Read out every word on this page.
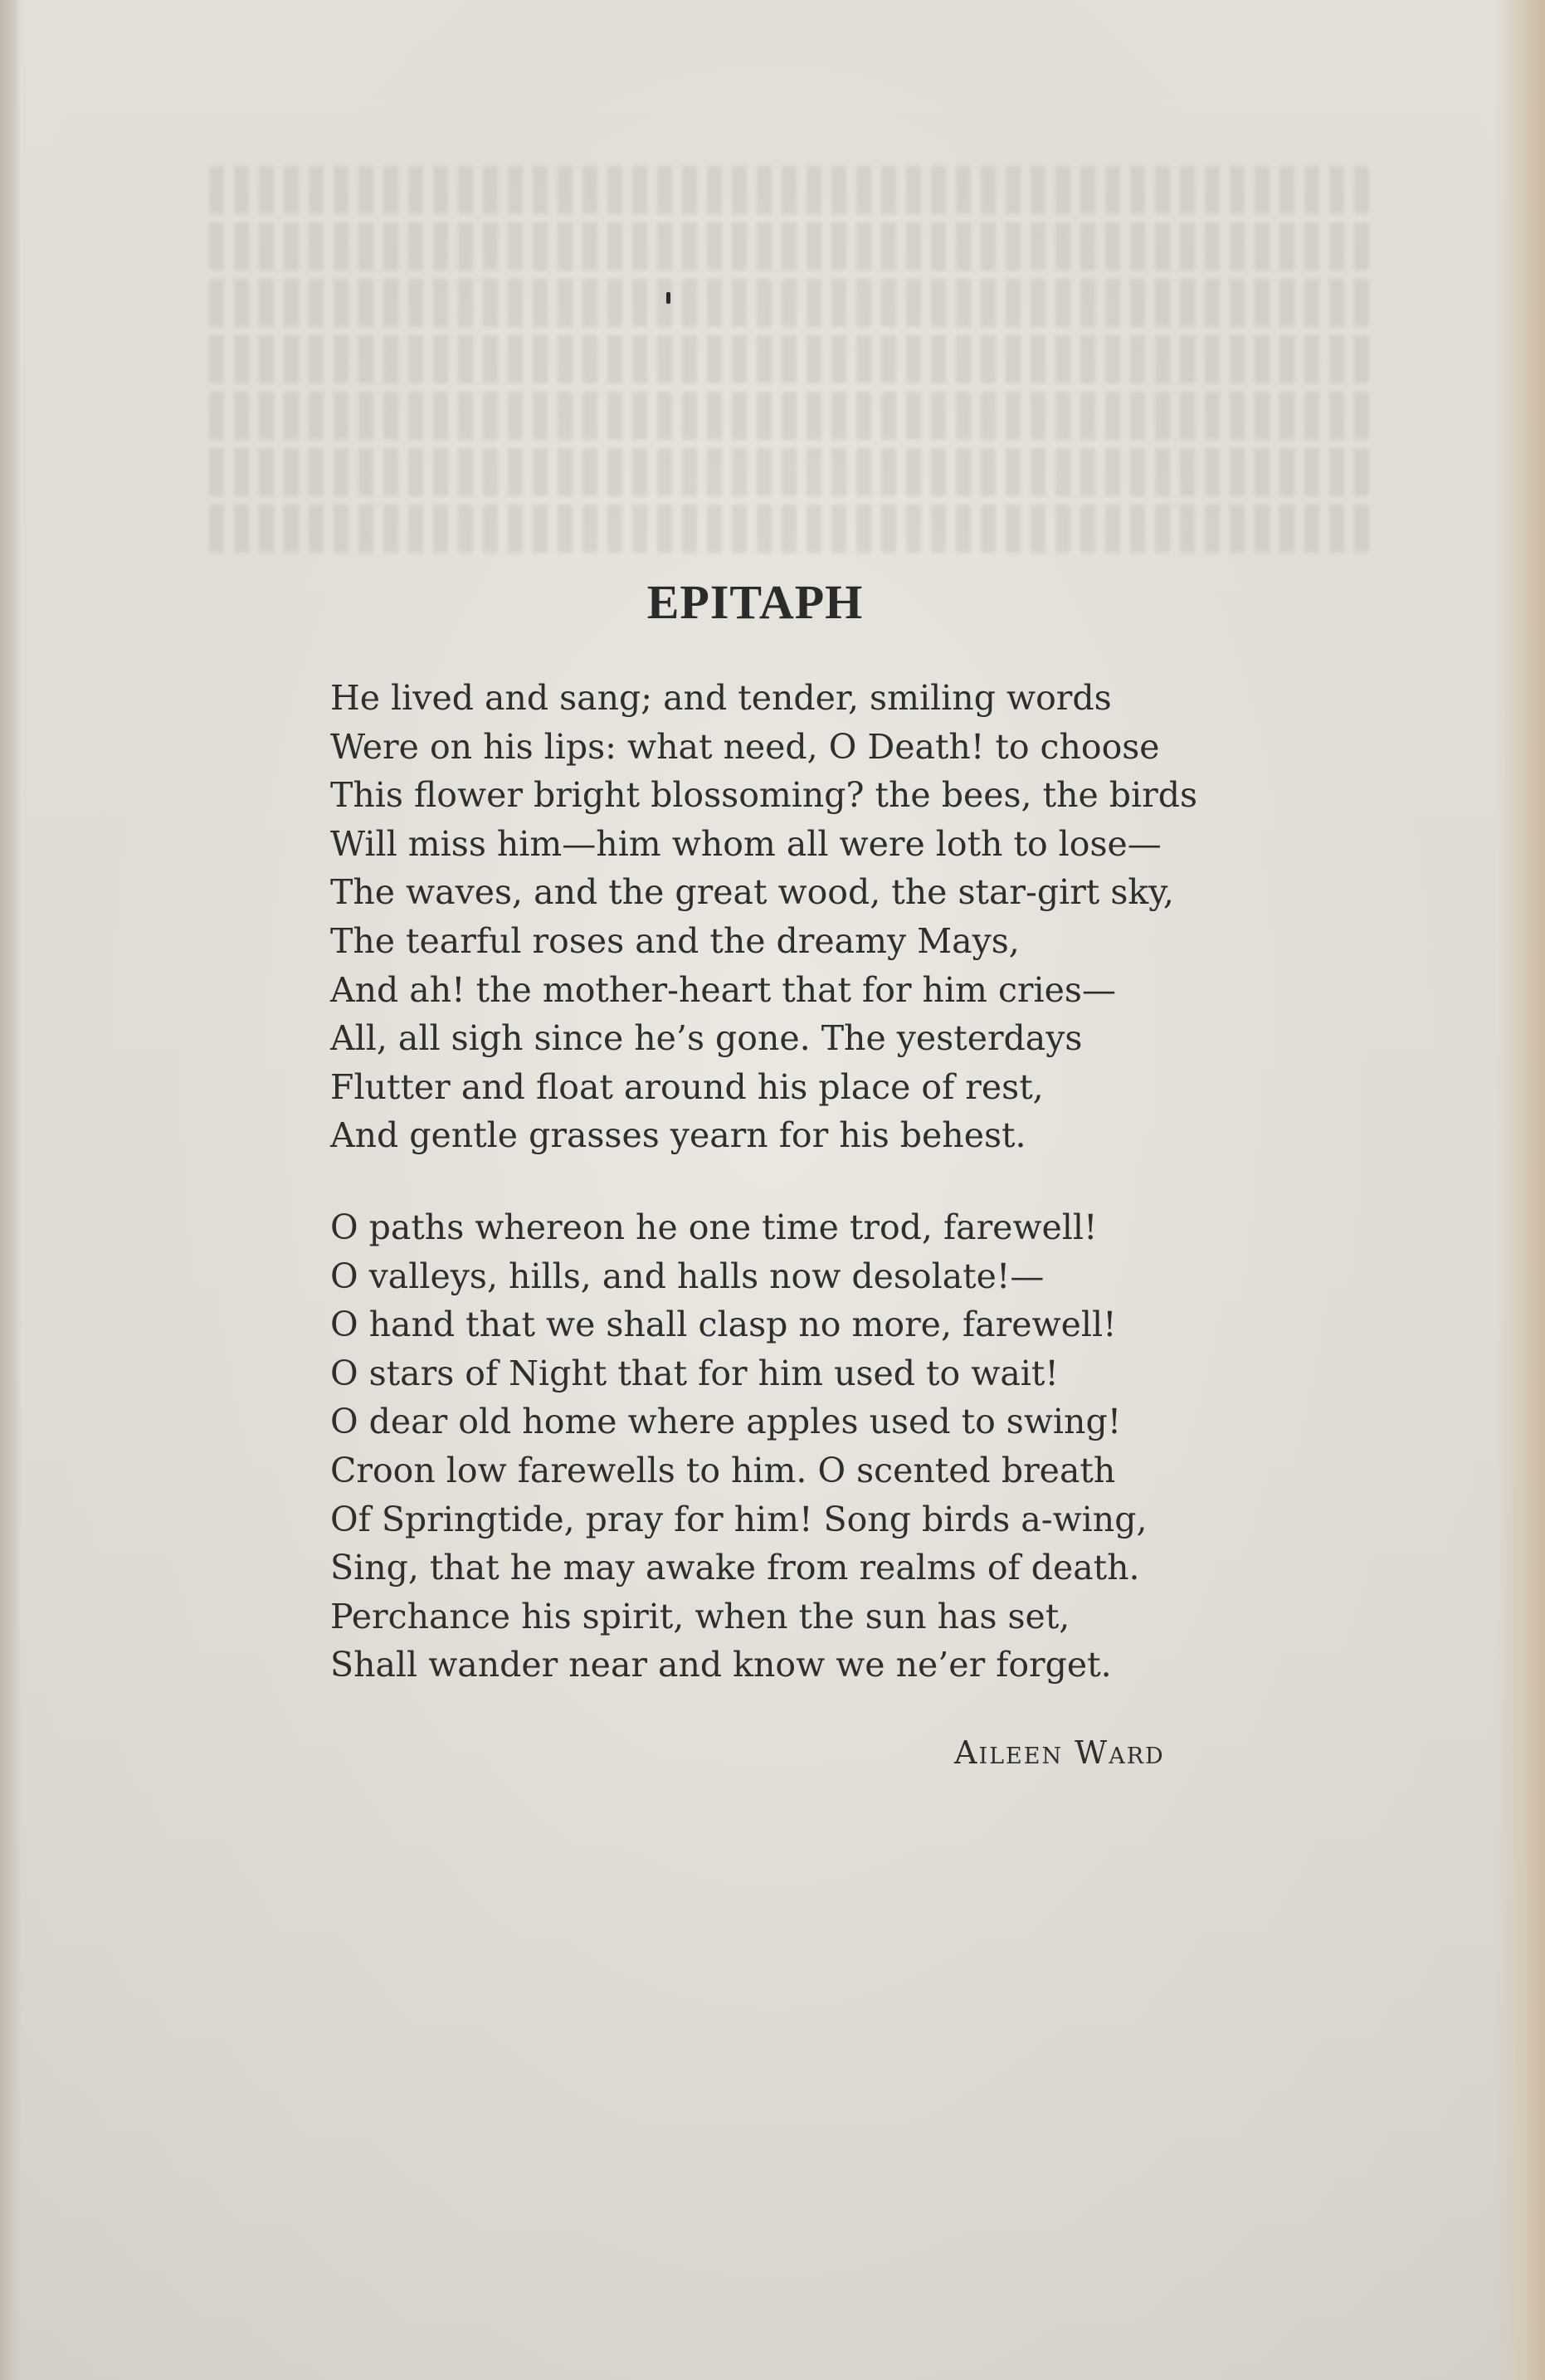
EPITAPH
He lived and sang; and tender, smiling words
Were on his lips: what need, O Death! to choose
This flower bright blossoming? the bees, the birds
Will miss him—him whom all were loth to lose—
The waves, and the great wood, the star-girt sky,
The tearful roses and the dreamy Mays,
And ah! the mother-heart that for him cries—
All, all sigh since he’s gone. The yesterdays
Flutter and float around his place of rest,
And gentle grasses yearn for his behest.
O paths whereon he one time trod, farewell!
O valleys, hills, and halls now desolate!—
O hand that we shall clasp no more, farewell!
O stars of Night that for him used to wait!
O dear old home where apples used to swing!
Croon low farewells to him. O scented breath
Of Springtide, pray for him! Song birds a-wing,
Sing, that he may awake from realms of death.
Perchance his spirit, when the sun has set,
Shall wander near and know we ne’er forget.
Aileen Ward
